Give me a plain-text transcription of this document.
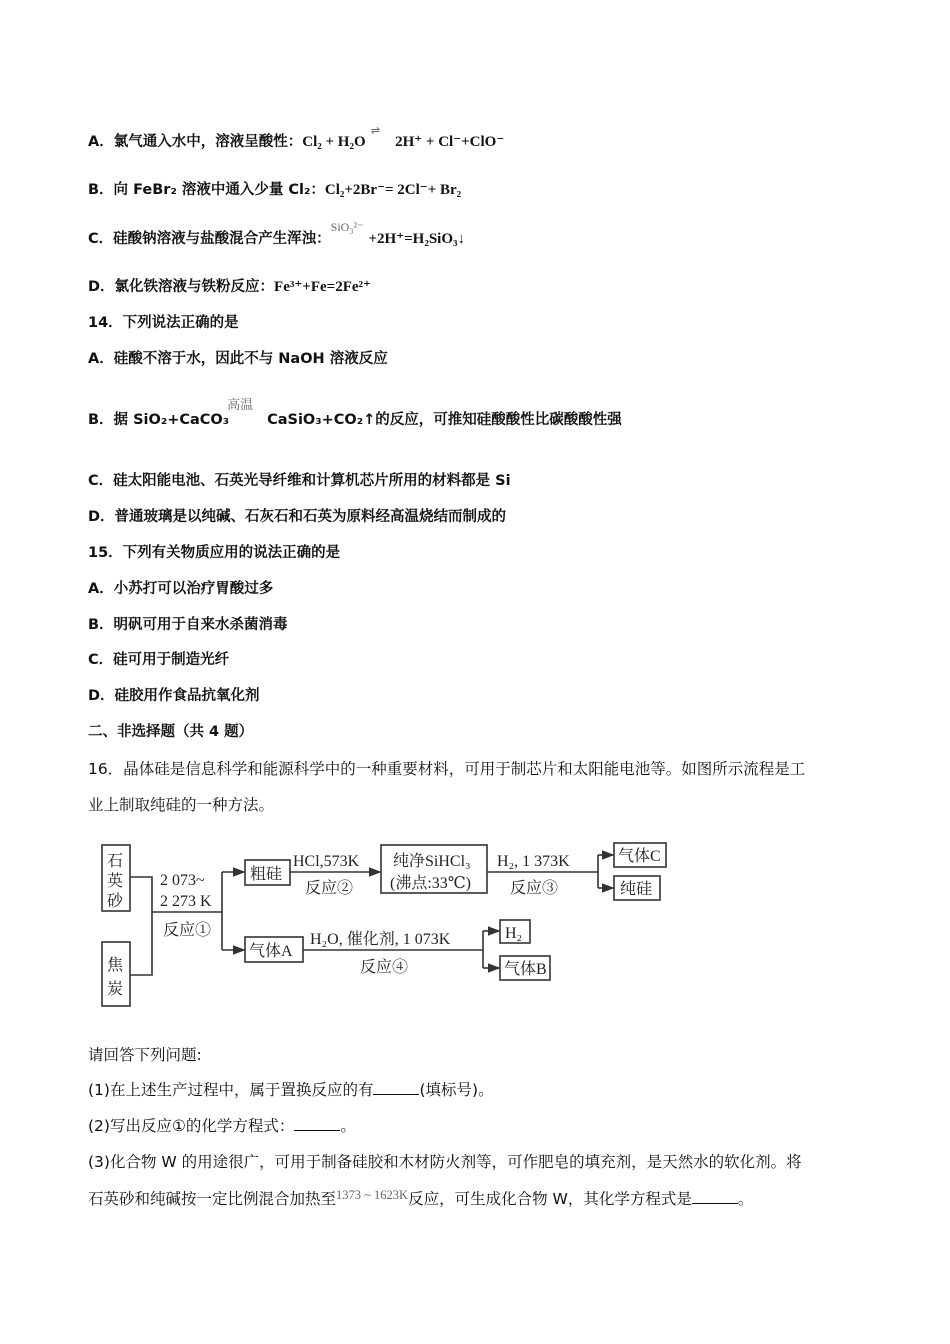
A．氯气通入水中，溶液呈酸性：Cl₂ + H₂O ⇌   2H⁺ + Cl⁻+ClO⁻
B．向 FeBr₂ 溶液中通入少量 Cl₂：Cl₂+2Br⁻= 2Cl⁻+ Br₂
C．硅酸钠溶液与盐酸混合产生浑浊：$^{SiO_3^{2-}}$ +2H⁺=H₂SiO₃↓
D．氯化铁溶液与铁粉反应：Fe³⁺+Fe=2Fe²⁺
14．下列说法正确的是
A．硅酸不溶于水，因此不与 NaOH 溶液反应
B．据 SiO₂+CaCO₃
高温
CaSiO₃+CO₂↑的反应，可推知硅酸酸性比碳酸酸性强
C．硅太阳能电池、石英光导纤维和计算机芯片所用的材料都是 Si
D．普通玻璃是以纯碱、石灰石和石英为原料经高温烧结而制成的
15．下列有关物质应用的说法正确的是
A．小苏打可以治疗胃酸过多
B．明矾可用于自来水杀菌消毒
C．硅可用于制造光纤
D．硅胶用作食品抗氧化剂
二、非选择题（共 4 题）
16．晶体硅是信息科学和能源科学中的一种重要材料，可用于制芯片和太阳能电池等。如图所示流程是工
业上制取纯硅的一种方法。
石
英
砂
焦
炭
2 073~
2 273 K
反应①
粗硅
HCl,573K
反应②
纯净SiHCl₃
(沸点:33℃)
H₂, 1 373K
反应③
气体C
纯硅
气体A
H₂O, 催化剂, 1 073K
反应④
H₂
气体B
请回答下列问题:
(1)在上述生产过程中，属于置换反应的有	(填标号)。
(2)写出反应①的化学方程式：	。
(3)化合物 W 的用途很广，可用于制备硅胶和木材防火剂等，可作肥皂的填充剂，是天然水的软化剂。将
石英砂和纯碱按一定比例混合加热至$^{1373 \sim 1623K}$反应，可生成化合物 W，其化学方程式是	。
